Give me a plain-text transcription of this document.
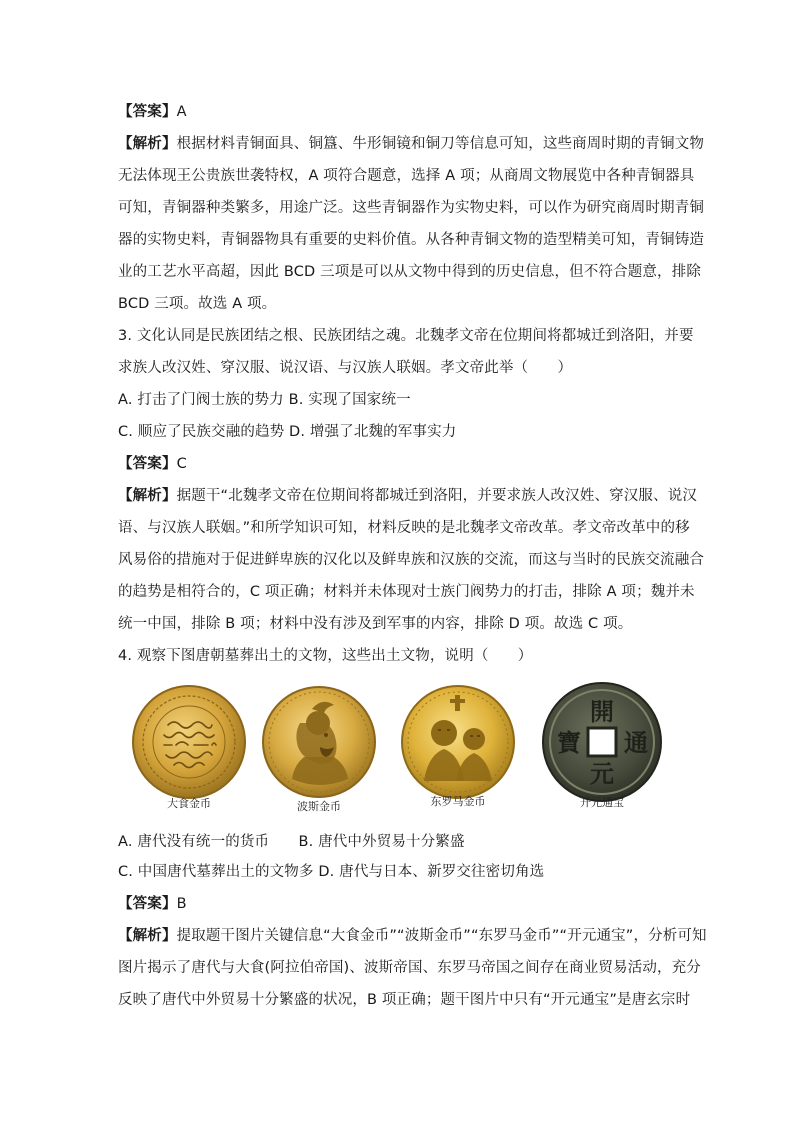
【答案】A
【解析】根据材料青铜面具、铜簋、牛形铜镜和铜刀等信息可知，这些商周时期的青铜文物
无法体现王公贵族世袭特权，A 项符合题意，选择 A 项；从商周文物展览中各种青铜器具
可知，青铜器种类繁多，用途广泛。这些青铜器作为实物史料，可以作为研究商周时期青铜
器的实物史料，青铜器物具有重要的史料价值。从各种青铜文物的造型精美可知，青铜铸造
业的工艺水平高超，因此 BCD 三项是可以从文物中得到的历史信息，但不符合题意，排除
BCD 三项。故选 A 项。
3. 文化认同是民族团结之根、民族团结之魂。北魏孝文帝在位期间将都城迁到洛阳，并要
求族人改汉姓、穿汉服、说汉语、与汉族人联姻。孝文帝此举（　　）
A. 打击了门阀士族的势力 B. 实现了国家统一
C. 顺应了民族交融的趋势 D. 增强了北魏的军事实力
【答案】C
【解析】据题干“北魏孝文帝在位期间将都城迁到洛阳，并要求族人改汉姓、穿汉服、说汉
语、与汉族人联姻。”和所学知识可知，材料反映的是北魏孝文帝改革。孝文帝改革中的移
风易俗的措施对于促进鲜卑族的汉化以及鲜卑族和汉族的交流，而这与当时的民族交流融合
的趋势是相符合的，C 项正确；材料并未体现对士族门阀势力的打击，排除 A 项；魏并未
统一中国，排除 B 项；材料中没有涉及到军事的内容，排除 D 项。故选 C 项。
4. 观察下图唐朝墓葬出土的文物，这些出土文物，说明（　　）
開
元
通
寶
大食金币	波斯金币	东罗马金币	开元通宝
A. 唐代没有统一的货币　　B. 唐代中外贸易十分繁盛
C. 中国唐代墓葬出土的文物多 D. 唐代与日本、新罗交往密切角选
【答案】B
【解析】提取题干图片关键信息“大食金币”“波斯金币”“东罗马金币”“开元通宝”，分析可知
图片揭示了唐代与大食(阿拉伯帝国)、波斯帝国、东罗马帝国之间存在商业贸易活动，充分
反映了唐代中外贸易十分繁盛的状况，B 项正确；题干图片中只有“开元通宝”是唐玄宗时
